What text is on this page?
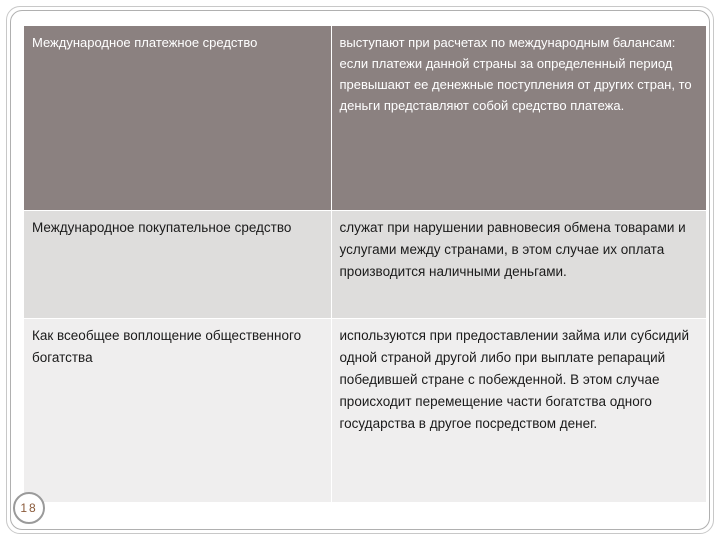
Международное платежное средство	выступают при расчетах по международным балансам: если платежи данной страны за определенный период превышают ее денежные поступления от других стран, то деньги представляют собой средство платежа.
Международное покупательное средство	служат при нарушении равновесия обмена товарами и услугами между странами, в этом случае их оплата производится наличными деньгами.
Как всеобщее воплощение общественного богатства	используются при предоставлении займа или субсидий одной страной другой либо при выплате репараций победившей стране с побежденной. В этом случае происходит перемещение части богатства одного государства в другое посредством денег.
18
